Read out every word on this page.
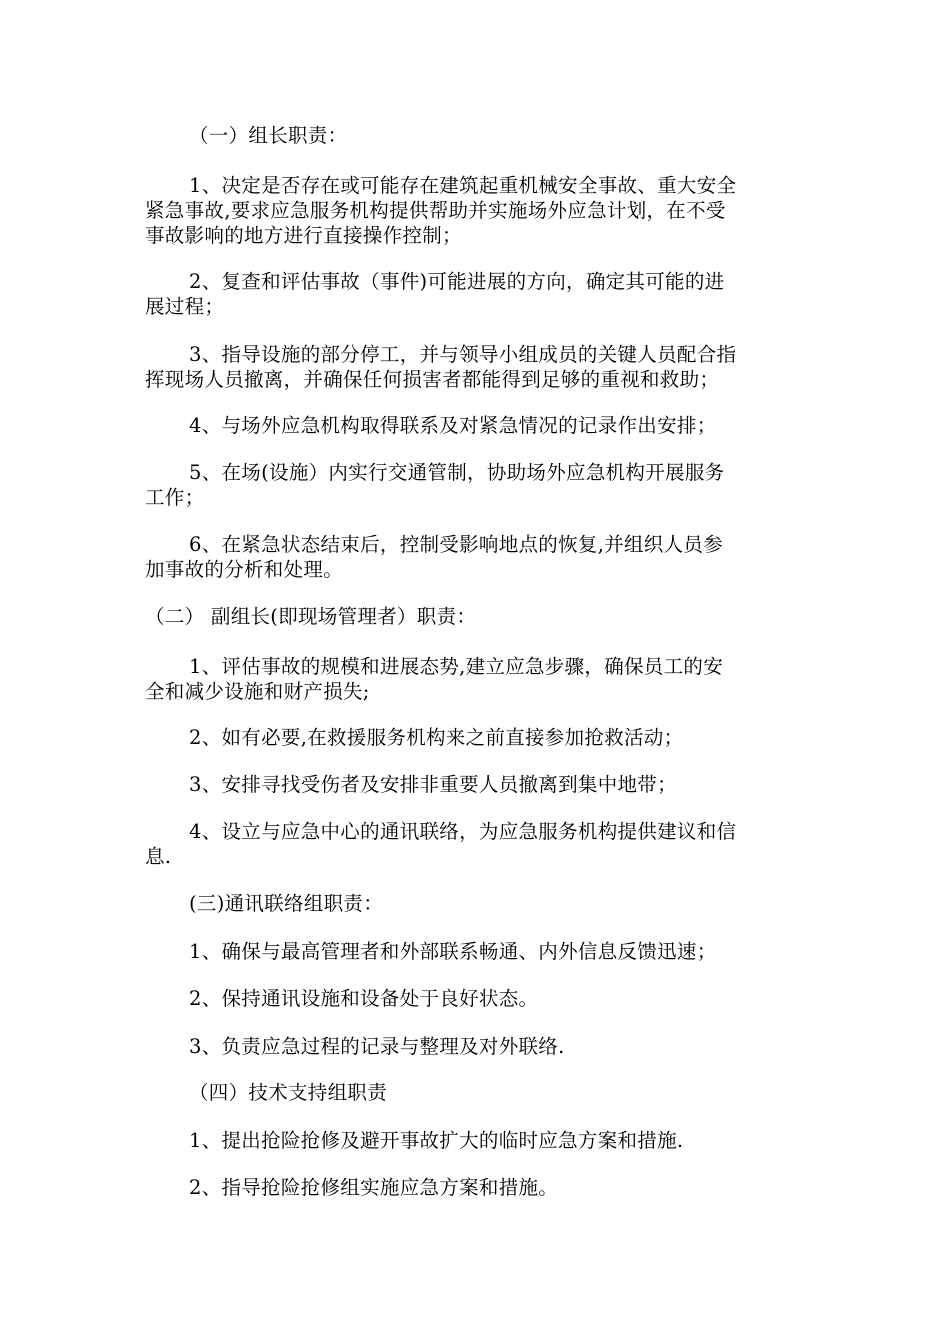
（一）组长职责：
1、决定是否存在或可能存在建筑起重机械安全事故、重大安全
紧急事故,要求应急服务机构提供帮助并实施场外应急计划，在不受
事故影响的地方进行直接操作控制；
2、复查和评估事故（事件)可能进展的方向，确定其可能的进
展过程；
3、指导设施的部分停工，并与领导小组成员的关键人员配合指
挥现场人员撤离，并确保任何损害者都能得到足够的重视和救助；
4、与场外应急机构取得联系及对紧急情况的记录作出安排；
5、在场(设施）内实行交通管制，协助场外应急机构开展服务
工作；
6、在紧急状态结束后，控制受影响地点的恢复,并组织人员参
加事故的分析和处理。
（二） 副组长(即现场管理者）职责：
1、评估事故的规模和进展态势,建立应急步骤，确保员工的安
全和减少设施和财产损失;
2、如有必要,在救援服务机构来之前直接参加抢救活动；
3、安排寻找受伤者及安排非重要人员撤离到集中地带；
4、设立与应急中心的通讯联络，为应急服务机构提供建议和信
息.
(三)通讯联络组职责：
1、确保与最高管理者和外部联系畅通、内外信息反馈迅速；
2、保持通讯设施和设备处于良好状态。
3、负责应急过程的记录与整理及对外联络.
（四）技术支持组职责
1、提出抢险抢修及避开事故扩大的临时应急方案和措施.
2、指导抢险抢修组实施应急方案和措施。
